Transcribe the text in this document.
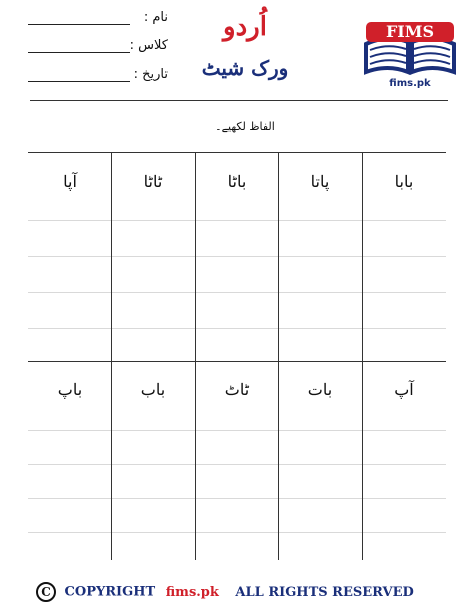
نام :
کلاس :
تاریخ :
اُردو
ورک شیٹ
FIMS
fims.pk
الفاظ لکھیے۔
بابا
پاتا
باٹا
ٹاٹا
آپا
آپ
بات
ٹاٹ
باب
باپ
C COPYRIGHT fims.pk ALL RIGHTS RESERVED
